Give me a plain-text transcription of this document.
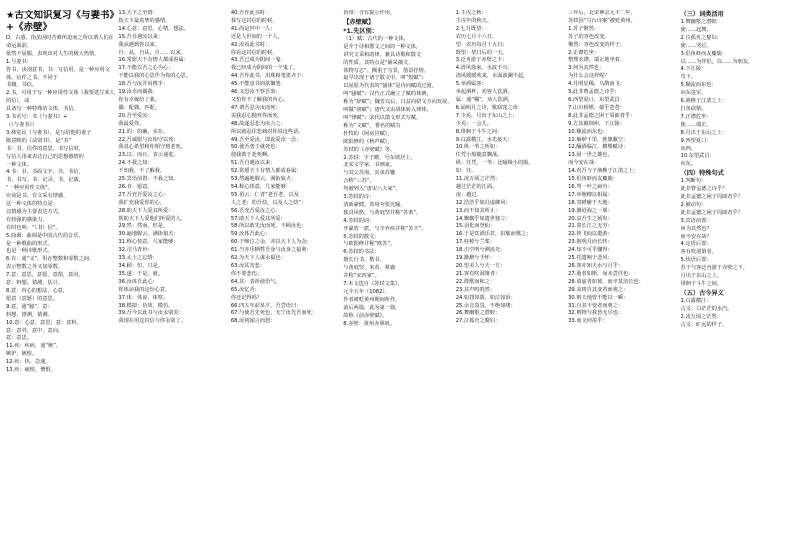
★古文知识复习《与妻书》+《赤壁》

D．古惑，指虽因时苦难所迫而之所以谓人们在命运面前，

依然不屈服，表现出对人生的极大热情。

1.与妻书：

答书，诀别意书。书：写信用，是一种应用文体。信件之书，不同于

书籍，书信。

2.书，可用于写一种应用性文体（我要选写某人的信），或

具备写一种特殊的文体，书信。

3.书名号：书《与妻书》+

（《与妻书》）

3.林觉民（与妻书），是写给他的妻子

陈意映的《诀别书》，是“书”

书：书，信件的意思。书写信时，

写信人用来表达自己的思想感情的

一种文体。

4.书：书，书面文字。书，书信，

书，书写。书：记录，书，记载，

“一种应用性文体”，

应该是书，有文采有情感，

这一种文体的特点是：

以情感为主要表达方式，

有较强的感染力。

有时也叫：“（书）信”。

5.曲调：曲调是中国古代的音乐，

是一种歌曲的形式，

也是一种诗歌形式。

6.有：通“又”，用在整数和零数之间，

表示整数之外又加零数。

7.意：意思，意愿，意图，意向。

意：料想，猜测，估计。

8.意：内心的想法、心意，

愿意（意愿）的意思。

9.意，通“臆”。意：

料想，推测，猜测。

10.意：心意，意思；意：意料，

意：意外，意中，意向，

意：意思。

11.疾：疾病，通“嫉”，

嫉妒，嫉恨。

12.疾：快、急速。

13.疾：痛恨，憎恨。

13.天下之至情：

指天下最真挚的感情，

14.心意：意思，心情，想法。

15.吾自遇汝以来：

我从遇到你以来。

自：从，自从，自……以来。

16.常愿天下有情人都成眷属：

17.不能以吾之心为心：

不能以我的心思作为你的心思。

18.吾与汝并肩携手：

19.汝幸而偶我：

你有幸嫁给了我。

偶：配偶，匹配。

20.吾至爱汝：

我最爱你。

21.的：的确，实在。

22.吾诚愿与汝相守以死：

我真心希望和你相守到老死。

23.以：而且，表示递进。

24.不我之知：

不知我，不了解我。

25.宾语前置：不我之知。

26.肯：愿意。

27.吾充吾爱汝之心：

我扩充我爱你的心。

28.助天下人爱其所爱：

帮助天下人爱他们所爱的人。

29.然：然而，但是。

30.遍地腥云，满街狼犬：

31.称心快意，几家能够：

32.司马青衫：

33.太上之忘情：

34.顾：但，只是。

35.遂：于是，就。

36.汝体吾此心：

你体谅我的这份心意。

37.体：体谅，体察。

38.模拟：仿效，模仿。

39.吾今以此书与汝永别矣：

我现在用这封信与你永别了。

40.吾作此书时：

我写这封信的时候，

41.尚是世中一人：

还是人世间的一个人，

42.汝看此书时：

你看这封信的时候，

43.吾已成为阴间一鬼：

我已经成为阴间的一个鬼了。

44.吾作此书，泪珠和笔墨齐下：

45.不能竟书而欲搁笔：

46.又恐汝不察吾衷：

又怕你不了解我的内心。

47.谓吾忍舍汝而死：

说我忍心抛弃你而死。

48.故遂忍悲为汝言之：

所以就忍住悲痛对你说这些话。

49.吾至爱汝，即此爱汝一念：

50.使吾勇于就死也：

使我敢于赴死啊。

51.吾自遇汝以来：

52.常愿天下有情人都成眷属：

53.然遍地腥云，满街狼犬：

54.称心快意，几家能够：

55.语云：仁者“老吾老，以及

人之老；幼吾幼，以及人之幼”：

56.吾充吾爱汝之心：

57.助天下人爱其所爱：

58.所以敢先汝而死，不顾汝也：

59.汝体吾此心：

60.于啼泣之余，亦以天下人为念：

61.当亦乐牺牲吾身与汝身之福利：

62.为天下人谋永福也：

63.汝其勿悲：

你不要悲伤。

64.其：表祈使语气。

65.汝忆否：

你还记得吗？

66.四五年前某夕，吾尝语曰：

67.与使吾先死也，无宁汝先吾而死：

68.汝初闻言而怒：

语带：含有提示作用。

【赤壁赋】

*1.先区别：

（1）赋：古代的一种文体，

是介于诗和散文之间的一种文体，

讲究文采和韵律，兼具诗歌和散文

的性质。其特点是“铺采摛文，

体物写志”。侧重于写景，借景抒情。

最早出现于诸子散文中，叫“短赋”；

以屈原为代表的“骚体”是诗向赋的过渡，

叫“骚赋”；汉代正式确立了赋的体例，

称为“辞赋”；魏晋以后，日益向骈文方向发展，

叫做“骈赋”；唐代又由骈体转入律体，

叫“律赋”；宋代以散文形式写赋，

称为“文赋”。著名的赋有

杜牧的《阿房宫赋》，

欧阳修的《秋声赋》，

苏轼的《赤壁赋》等。

2.苏轼：字子瞻，号东坡居士，

北宋文学家、书画家。

与其父苏洵、其弟苏辙

合称“三苏”，

均被列入“唐宋八大家”。

3.苏轼的诗：

清新豪健，善用夸张比喻，

独具风格，与黄庭坚并称“苏黄”。

4.苏轼的词：

开豪放一派，与辛弃疾并称“苏辛”。

5.苏轼的散文：

与欧阳修并称“欧苏”。

6.苏轼的书法：

擅长行书、楷书，

与黄庭坚、米芾、蔡襄

并称“宋四家”。

7.本文选自《苏轼文集》，

元丰五年（1082），

作者被贬黄州期间所作。

前后两篇，此为第一篇，

故称《前赤壁赋》。

8.赤壁：黄州赤鼻矶。

1.壬戌之秋：

壬戌年的秋天。

2.七月既望：

农历七月十六日。

望：农历每月十五日；

既望：望日后的一天。

3.泛舟游于赤壁之下：

4.清风徐来，水波不兴：

清风缓缓吹来，水面波澜不起。

5.举酒属客：

举起酒杯，劝客人饮酒。

属：通“嘱”，劝人饮酒。

6.诵明月之诗，歌窈窕之章：

7.少焉，月出于东山之上：

少焉：一会儿。

8.徘徊于斗牛之间：

9.白露横江，水光接天：

10.纵一苇之所如：

任凭小船随意飘荡。

纵：任凭。一苇：比喻极小的船。

如：往。

11.凌万顷之茫然：

越过茫茫的江面。

凌：越过。

12.浩浩乎如冯虚御风：

13.而不知其所止：

14.飘飘乎如遗世独立：

15.羽化而登仙：

16.于是饮酒乐甚，扣舷而歌之：

17.桂棹兮兰桨：

18.击空明兮溯流光：

19.渺渺兮予怀：

20.望美人兮天一方：

21.客有吹洞箫者：

22.倚歌而和之：

23.其声呜呜然：

24.如怨如慕，如泣如诉：

25.余音袅袅，不绝如缕：

26.舞幽壑之潜蛟：

27.泣孤舟之嫠妇：

三年后，北宋神宗元丰二年，

苏轼因“乌台诗案”被贬黄州。

1.苏子愀然：

苏子的容色改变。

愀然：容色改变的样子。

2.正襟危坐：

整理衣襟，端正地坐着。

3.何为其然也：

为什么会这样呢？

4.月明星稀，乌鹊南飞：

5.此非曹孟德之诗乎：

6.西望夏口，东望武昌：

7.山川相缪，郁乎苍苍：

8.此非孟德之困于周郎者乎：

9.方其破荆州，下江陵：

10.顺流而东也：

11.舳舻千里，旌旗蔽空：

12.酾酒临江，横槊赋诗：

13.固一世之雄也，

而今安在哉：

14.况吾与子渔樵于江渚之上：

15.侣鱼虾而友麋鹿：

16.驾一叶之扁舟：

17.举匏樽以相属：

18.寄蜉蝣于天地：

19.渺沧海之一粟：

20.哀吾生之须臾：

21.羡长江之无穷：

22.挟飞仙以遨游：

23.抱明月而长终：

24.知不可乎骤得：

25.托遗响于悲风：

26.客亦知夫水与月乎：

27.逝者如斯，而未尝往也：

28.盈虚者如彼，而卒莫消长也：

29.盖将自其变者而观之：

30.则天地曾不能以一瞬：

31.自其不变者而观之：

32.则物与我皆无尽也：

33.而又何羡乎：

（三）词类活用

1.舞幽壑之潜蛟：

使……起舞。

2.泣孤舟之嫠妇：

使……哭泣。

3.侣鱼虾而友麋鹿：

以……为伴侣，以……为朋友。

4.下江陵：

攻下。

5.顺流而东也：

向东进军。

6.渔樵于江渚之上：

打鱼砍柴。

7.正襟危坐：

使……端正。

8.月出于东山之上：

9.西望夏口：

向西。

10.东望武昌：

向东。

（四）特殊句式

1.判断句：

此非曹孟德之诗乎？

此非孟德之困于周郎者乎？

2.被动句：

此非孟德之困于周郎者乎？

3.宾语前置：

何为其然也？

而今安在哉？

4.定语后置：

客有吹洞箫者。

5.状语后置：

苏子与客泛舟游于赤壁之下。

月出于东山之上。

徘徊于斗牛之间。

（五）古今异义

1.白露横江：

古义：白茫茫的水汽。

2.凌万顷之茫然：

古义：旷远的样子。
